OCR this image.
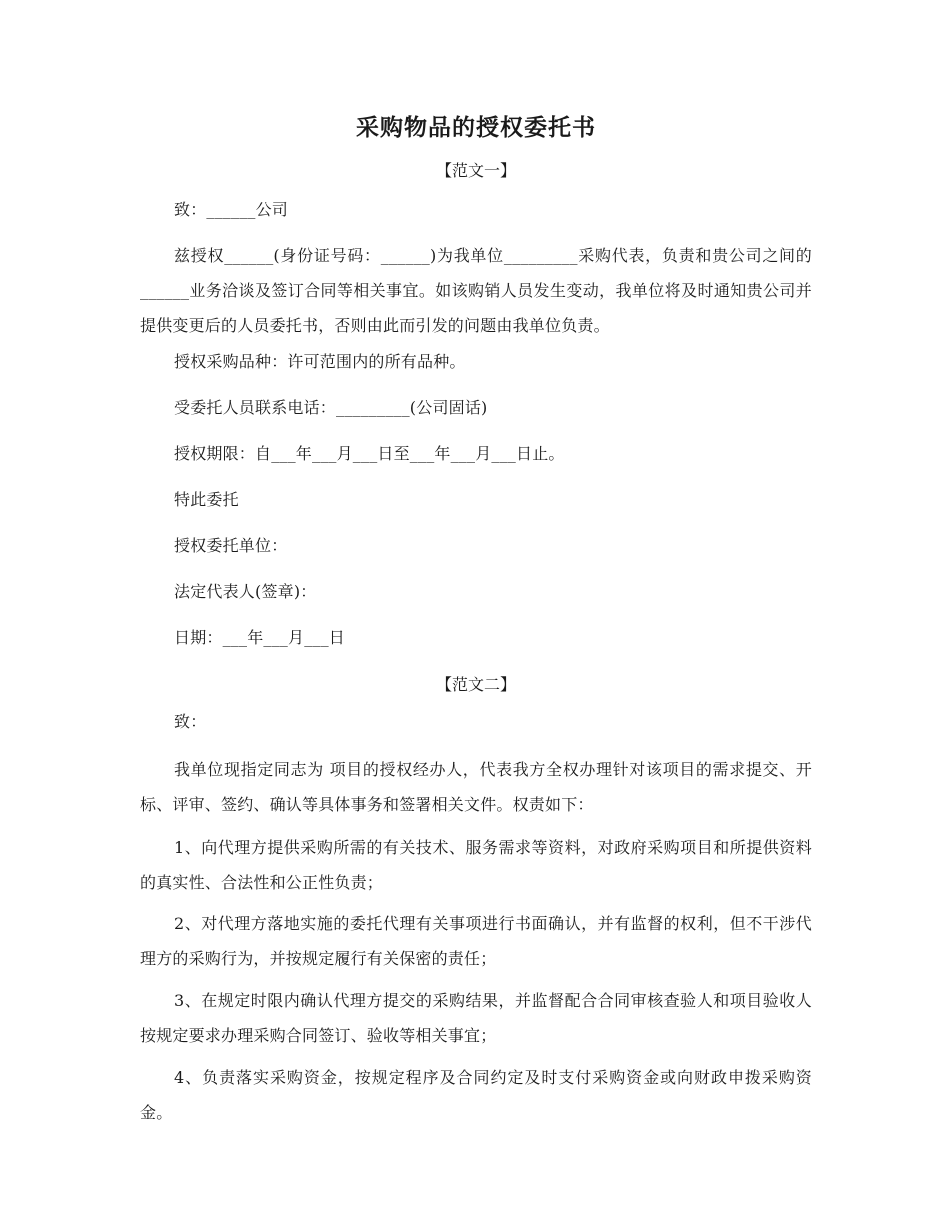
采购物品的授权委托书
【范文一】
致：______公司
兹授权______(身份证号码：______)为我单位_________采购代表，负责和贵公司之间的______业务洽谈及签订合同等相关事宜。如该购销人员发生变动，我单位将及时通知贵公司并提供变更后的人员委托书，否则由此而引发的问题由我单位负责。
授权采购品种：许可范围内的所有品种。
受委托人员联系电话：_________(公司固话)
授权期限：自___年___月___日至___年___月___日止。
特此委托
授权委托单位：
法定代表人(签章)：
日期：___年___月___日
【范文二】
致：
我单位现指定同志为 项目的授权经办人，代表我方全权办理针对该项目的需求提交、开标、评审、签约、确认等具体事务和签署相关文件。权责如下：
1、向代理方提供采购所需的有关技术、服务需求等资料，对政府采购项目和所提供资料的真实性、合法性和公正性负责；
2、对代理方落地实施的委托代理有关事项进行书面确认，并有监督的权利，但不干涉代理方的采购行为，并按规定履行有关保密的责任；
3、在规定时限内确认代理方提交的采购结果，并监督配合合同审核查验人和项目验收人按规定要求办理采购合同签订、验收等相关事宜；
4、负责落实采购资金，按规定程序及合同约定及时支付采购资金或向财政申拨采购资金。
